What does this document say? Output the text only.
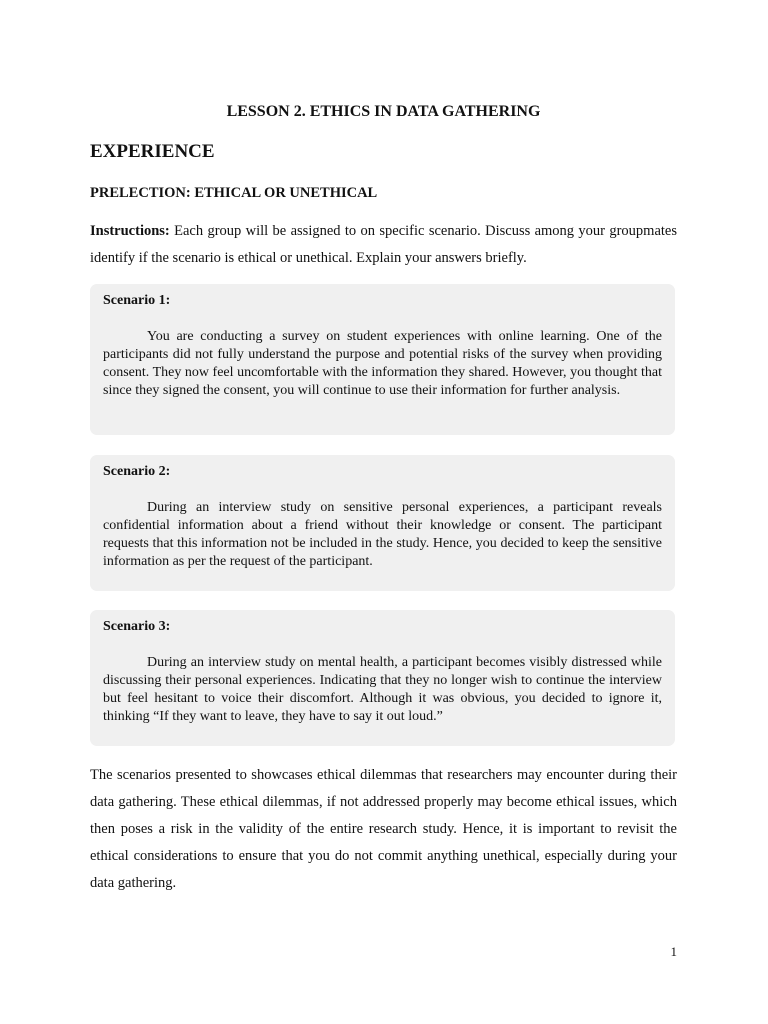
LESSON 2. ETHICS IN DATA GATHERING
EXPERIENCE
PRELECTION: ETHICAL OR UNETHICAL

Instructions: Each group will be assigned to on specific scenario. Discuss among your groupmates identify if the scenario is ethical or unethical. Explain your answers briefly.

Scenario 1:

You are conducting a survey on student experiences with online learning. One of the participants did not fully understand the purpose and potential risks of the survey when providing consent. They now feel uncomfortable with the information they shared. However, you thought that since they signed the consent, you will continue to use their information for further analysis.

Scenario 2:

During an interview study on sensitive personal experiences, a participant reveals confidential information about a friend without their knowledge or consent. The participant requests that this information not be included in the study. Hence, you decided to keep the sensitive information as per the request of the participant.

Scenario 3:

During an interview study on mental health, a participant becomes visibly distressed while discussing their personal experiences. Indicating that they no longer wish to continue the interview but feel hesitant to voice their discomfort. Although it was obvious, you decided to ignore it, thinking “If they want to leave, they have to say it out loud.”

The scenarios presented to showcases ethical dilemmas that researchers may encounter during their data gathering. These ethical dilemmas, if not addressed properly may become ethical issues, which then poses a risk in the validity of the entire research study. Hence, it is important to revisit the ethical considerations to ensure that you do not commit anything unethical, especially during your data gathering.

1
